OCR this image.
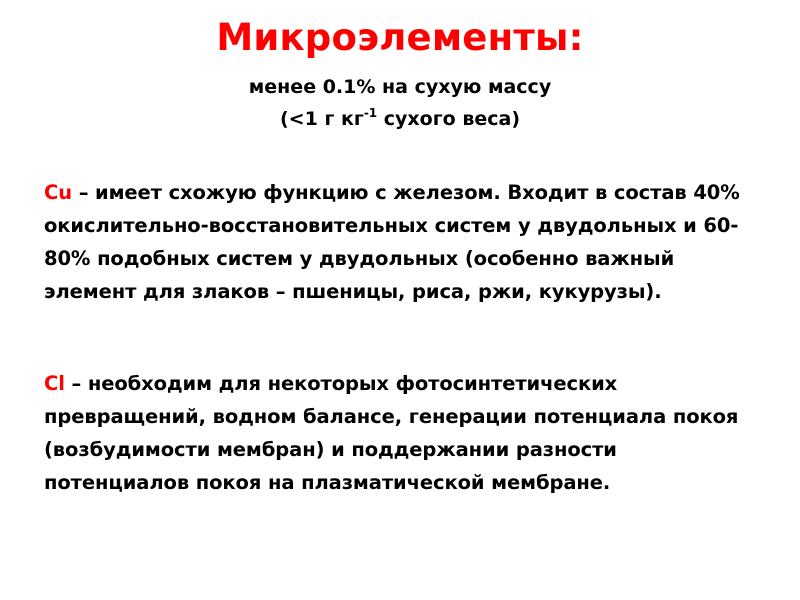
Микроэлементы:
менее 0.1% на сухую массу
(<1 г $кг^{-1}$ сухого веса)
Cu – имеет схожую функцию с железом. Входит в состав 40% окислительно-восстановительных систем у двудольных и 60-80% подобных систем у двудольных (особенно важный элемент для злаков – пшеницы, риса, ржи, кукурузы).
Cl – необходим для некоторых фотосинтетических превращений, водном балансе, генерации потенциала покоя (возбудимости мембран) и поддержании разности потенциалов покоя на плазматической мембране.
